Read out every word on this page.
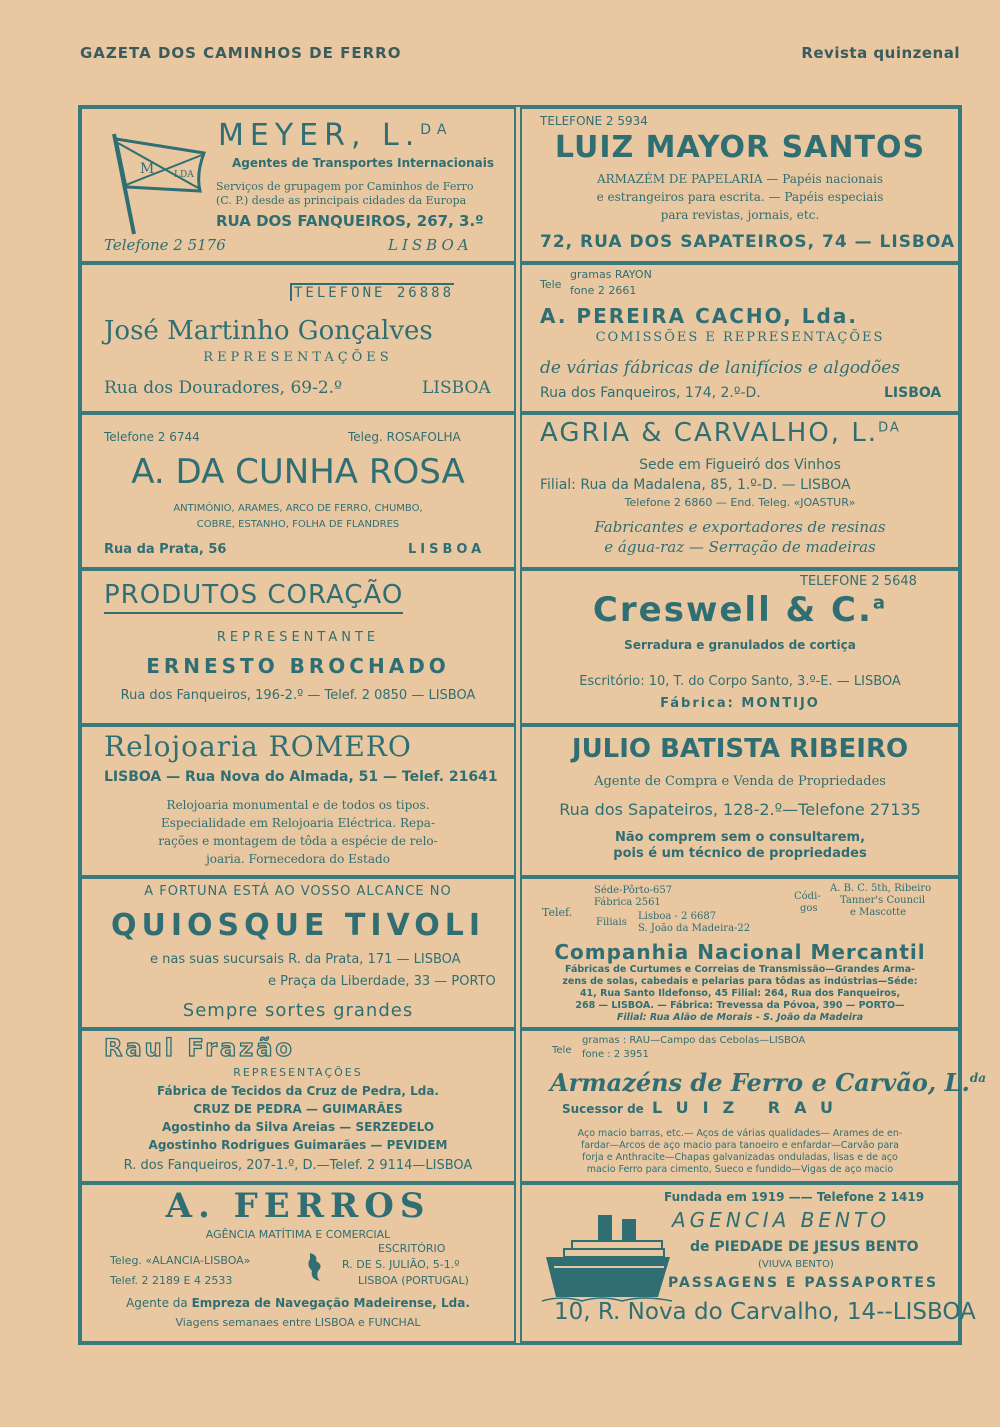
GAZETA DOS CAMINHOS DE FERRO	Revista quinzenal
M LDA
MEYER, L.$^{DA}$
Agentes de Transportes Internacionais
Serviços de grupagem por Caminhos de Ferro
(C. P.) desde as principais cidades da Europa
RUA DOS FANQUEIROS, 267, 3.º
Telefone 2 5176	LISBOA
TELEFONE 2 5934
LUIZ MAYOR SANTOS
ARMAZÉM DE PAPELARIA — Papéis nacionais
e estrangeiros para escrita. — Papéis especiais
para revistas, jornais, etc.
72, RUA DOS SAPATEIROS, 74 — LISBOA
TELEFONE 26888
José Martinho Gonçalves
REPRESENTAÇÕES
Rua dos Douradores, 69-2.º	LISBOA
Tele
gramas RAYON
fone 2 2661
A. PEREIRA CACHO, Lda.
COMISSÕES E REPRESENTAÇÕES
de várias fábricas de lanifícios e algodões
Rua dos Fanqueiros, 174, 2.º-D.	LISBOA
Telefone 2 6744	Teleg. ROSAFOLHA
A. DA CUNHA ROSA
ANTIMÓNIO, ARAMES, ARCO DE FERRO, CHUMBO,
COBRE, ESTANHO, FOLHA DE FLANDRES
Rua da Prata, 56	LISBOA
AGRIA & CARVALHO, L.$^{DA}$
Sede em Figueiró dos Vinhos
Filial: Rua da Madalena, 85, 1.º-D. — LISBOA
Telefone 2 6860 — End. Teleg. «JOASTUR»
Fabricantes e exportadores de resinas
e água-raz — Serração de madeiras
PRODUTOS CORAÇÃO
REPRESENTANTE
ERNESTO BROCHADO
Rua dos Fanqueiros, 196-2.º — Telef. 2 0850 — LISBOA
TELEFONE 2 5648
Creswell & C.$^a$
Serradura e granulados de cortiça
Escritório: 10, T. do Corpo Santo, 3.º-E. — LISBOA
Fábrica: MONTIJO
Relojoaria ROMERO
LISBOA — Rua Nova do Almada, 51 — Telef. 21641
Relojoaria monumental e de todos os tipos.
Especialidade em Relojoaria Eléctrica. Repa-
rações e montagem de tôda a espécie de relo-
joaria. Fornecedora do Estado
JULIO BATISTA RIBEIRO
Agente de Compra e Venda de Propriedades
Rua dos Sapateiros, 128-2.º—Telefone 27135
Não comprem sem o consultarem,
pois é um técnico de propriedades
A FORTUNA ESTÁ AO VOSSO ALCANCE NO
QUIOSQUE TIVOLI
e nas suas sucursais R. da Prata, 171 — LISBOA
e Praça da Liberdade, 33 — PORTO
Sempre sortes grandes
Telef.
Séde-Pôrto-657
Fábrica 2561
Filiais
Lisboa - 2 6687
S. João da Madeira-22
Códi-
gos
A. B. C. 5th, Ribeiro
Tanner's Council
e Mascotte
Companhia Nacional Mercantil
Fábricas de Curtumes e Correias de Transmissão—Grandes Arma-
zens de solas, cabedais e pelarias para tôdas as indústrias—Séde:
41, Rua Santo Ildefonso, 45 Filial: 264, Rua dos Fanqueiros,
268 — LISBOA. — Fábrica: Trevessa da Póvoa, 390 — PORTO—
Filial: Rua Alão de Morais - S. João da Madeira
Raul Frazão
REPRESENTAÇÕES
Fábrica de Tecidos da Cruz de Pedra, Lda.
CRUZ DE PEDRA — GUIMARÃES
Agostinho da Silva Areias — SERZEDELO
Agostinho Rodrigues Guimarães — PEVIDEM
R. dos Fanqueiros, 207-1.º, D.—Telef. 2 9114—LISBOA
Tele
gramas : RAU—Campo das Cebolas—LISBOA
fone : 2 3951
Armazéns de Ferro e Carvão, L.$^{da}$
Sucessor de LUIZ RAU
Aço macio barras, etc.— Aços de várias qualidades— Arames de en-
fardar—Arcos de aço macio para tanoeiro e enfardar—Carvão para
forja e Anthracite—Chapas galvanizadas onduladas, lisas e de aço
macio Ferro para cimento, Sueco e fundido—Vigas de aço macio
A. FERROS
AGÊNCIA MATÍTIMA E COMERCIAL
Teleg. «ALANCIA-LISBOA»
Telef. 2 2189 E 4 2533
ESCRITÓRIO
R. DE S. JULIÃO, 5-1.º
LISBOA (PORTUGAL)
Agente da Empreza de Navegação Madeirense, Lda.
Viagens semanaes entre LISBOA e FUNCHAL
Fundada em 1919 —— Telefone 2 1419
AGENCIA BENTO
de PIEDADE DE JESUS BENTO
(VIUVA BENTO)
PASSAGENS E PASSAPORTES
10, R. Nova do Carvalho, 14--LISBOA
